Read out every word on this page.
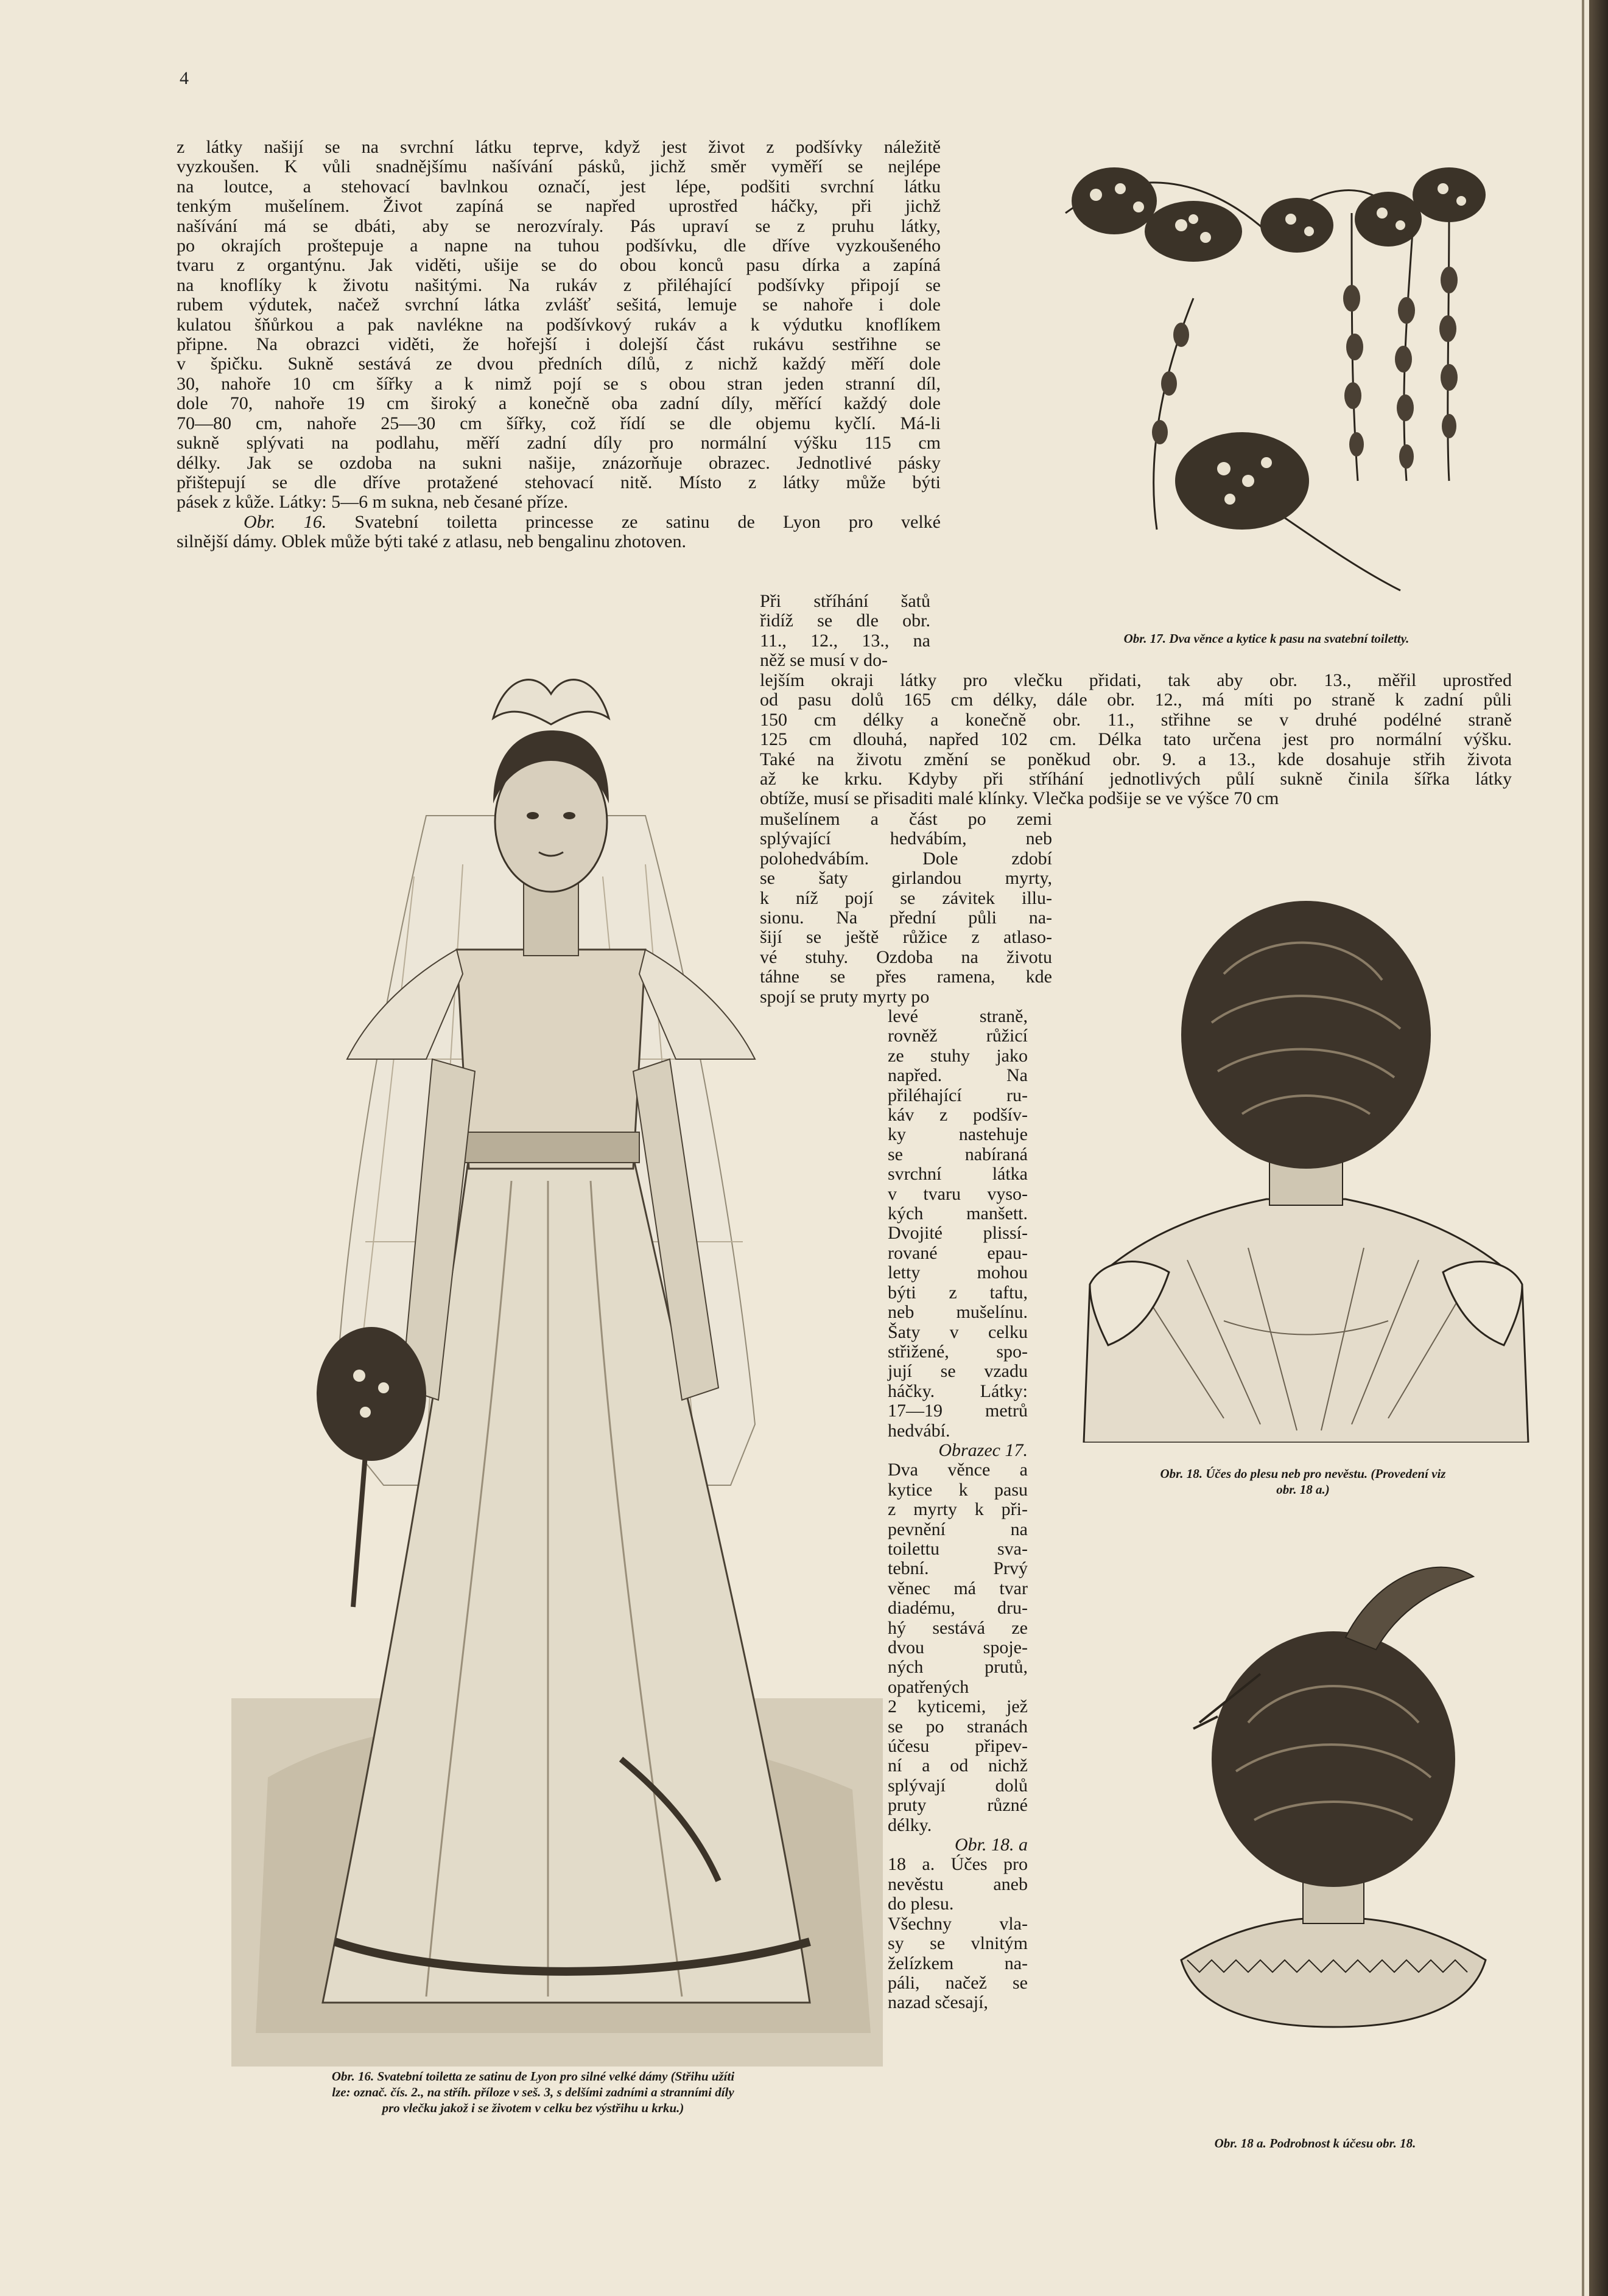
4
z látky našijí se na svrchní látku teprve, když jest život z podšívky náležitě
vyzkoušen. K vůli snadnějšímu našívání pásků, jichž směr vyměří se nejlépe
na loutce, a stehovací bavlnkou označí, jest lépe, podšiti svrchní látku
tenkým mušelínem. Život zapíná se napřed uprostřed háčky, při jichž
našívání má se dbáti, aby se nerozvíraly. Pás upraví se z pruhu látky,
po okrajích proštepuje a napne na tuhou podšívku, dle dříve vyzkoušeného
tvaru z organtýnu. Jak viděti, ušije se do obou konců pasu dírka a zapíná
na knoflíky k životu našitými. Na rukáv z přiléhající podšívky připojí se
rubem výdutek, načež svrchní látka zvlášť sešitá, lemuje se nahoře i dole
kulatou šňůrkou a pak navlékne na podšívkový rukáv a k výdutku knoflíkem
připne. Na obrazci viděti, že hořejší i dolejší část rukávu sestřihne se
v špičku. Sukně sestává ze dvou předních dílů, z nichž každý měří dole
30, nahoře 10 cm šířky a k nimž pojí se s obou stran jeden stranní díl,
dole 70, nahoře 19 cm široký a konečně oba zadní díly, měřící každý dole
70—80 cm, nahoře 25—30 cm šířky, což řídí se dle objemu kyčlí. Má-li
sukně splývati na podlahu, měří zadní díly pro normální výšku 115 cm
délky. Jak se ozdoba na sukni našije, znázorňuje obrazec. Jednotlivé pásky
přištepují se dle dříve protažené stehovací nitě. Místo z látky může býti
pásek z kůže. Látky: 5—6 m sukna, neb česané příze.
Obr. 16. Svatební toiletta princesse ze satinu de Lyon pro velké
silnější dámy. Oblek může býti také z atlasu, neb bengalinu zhotoven.
Při stříhání šatů
řidíž se dle obr.
11., 12., 13., na
něž se musí v do-
lejším okraji látky pro vlečku přidati, tak aby obr. 13., měřil uprostřed
od pasu dolů 165 cm délky, dále obr. 12., má míti po straně k zadní půli
150 cm délky a konečně obr. 11., střihne se v druhé podélné straně
125 cm dlouhá, napřed 102 cm. Délka tato určena jest pro normální výšku.
Také na životu změní se poněkud obr. 9. a 13., kde dosahuje střih života
až ke krku. Kdyby při stříhání jednotlivých půlí sukně činila šířka látky
obtíže, musí se přisaditi malé klínky. Vlečka podšije se ve výšce 70 cm
mušelínem a část po zemi
splývající hedvábím, neb
polohedvábím. Dole zdobí
se šaty girlandou myrty,
k níž pojí se závitek illu-
sionu. Na přední půli na-
šijí se ještě růžice z atlaso-
vé stuhy. Ozdoba na životu
táhne se přes ramena, kde
spojí se pruty myrty po
levé straně,
rovněž růžicí
ze stuhy jako
napřed. Na
přiléhající ru-
káv z podšív-
ky nastehuje
se nabíraná
svrchní látka
v tvaru vyso-
kých manšett.
Dvojité plissí-
rované epau-
letty mohou
býti z taftu,
neb mušelínu.
Šaty v celku
střižené, spo-
jují se vzadu
háčky. Látky:
17—19 metrů
hedvábí.
Obrazec 17.
Dva věnce a
kytice k pasu
z myrty k při-
pevnění na
toilettu sva-
tební. Prvý
věnec má tvar
diadému, dru-
hý sestává ze
dvou spoje-
ných prutů,
opatřených
2 kyticemi, jež
se po stranách
účesu připev-
ní a od nichž
splývají dolů
pruty různé
délky.
Obr. 18. a
18 a. Účes pro
nevěstu aneb
do plesu.
Všechny vla-
sy se vlnitým
želízkem na-
páli, načež se
nazad sčesají,
Obr. 17. Dva věnce a kytice k pasu na svatební toiletty.
Obr. 18. Účes do plesu neb pro nevěstu. (Provedení viz
obr. 18 a.)
Obr. 18 a. Podrobnost k účesu obr. 18.
Obr. 16. Svatební toiletta ze satinu de Lyon pro silné velké dámy (Střihu užíti
lze: označ. čís. 2., na stříh. příloze v seš. 3, s delšími zadními a stranními díly
pro vlečku jakož i se životem v celku bez výstřihu u krku.)
